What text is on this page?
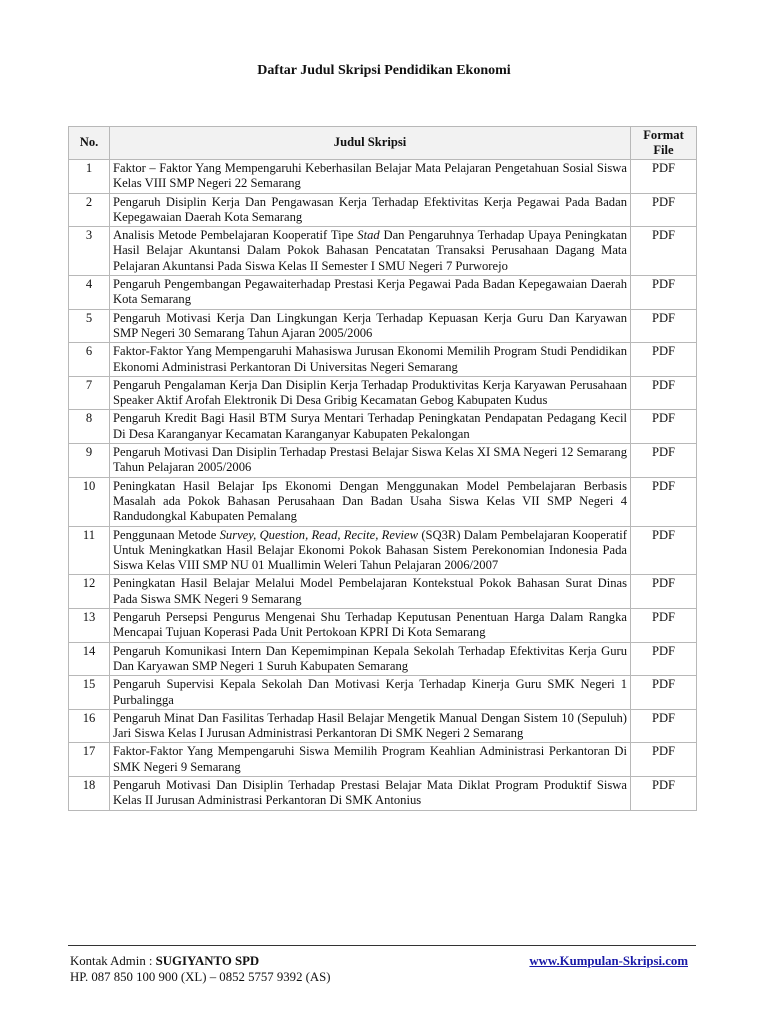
Daftar Judul Skripsi Pendidikan Ekonomi
No.	Judul Skripsi	Format File
1	Faktor – Faktor Yang Mempengaruhi Keberhasilan Belajar Mata Pelajaran Pengetahuan Sosial Siswa Kelas VIII SMP Negeri 22 Semarang	PDF
2	Pengaruh Disiplin Kerja Dan Pengawasan Kerja Terhadap Efektivitas Kerja Pegawai Pada Badan Kepegawaian Daerah Kota Semarang	PDF
3	Analisis Metode Pembelajaran Kooperatif Tipe Stad Dan Pengaruhnya Terhadap Upaya Peningkatan Hasil Belajar Akuntansi Dalam Pokok Bahasan Pencatatan Transaksi Perusahaan Dagang Mata Pelajaran Akuntansi Pada Siswa Kelas II Semester I SMU Negeri 7 Purworejo	PDF
4	Pengaruh Pengembangan Pegawaiterhadap Prestasi Kerja Pegawai Pada Badan Kepegawaian Daerah Kota Semarang	PDF
5	Pengaruh Motivasi Kerja Dan Lingkungan Kerja Terhadap Kepuasan Kerja Guru Dan Karyawan SMP Negeri 30 Semarang Tahun Ajaran 2005/2006	PDF
6	Faktor-Faktor Yang Mempengaruhi Mahasiswa Jurusan Ekonomi Memilih Program Studi Pendidikan Ekonomi Administrasi Perkantoran Di Universitas Negeri Semarang	PDF
7	Pengaruh Pengalaman Kerja Dan Disiplin Kerja Terhadap Produktivitas Kerja Karyawan Perusahaan Speaker Aktif Arofah Elektronik Di Desa Gribig Kecamatan Gebog Kabupaten Kudus	PDF
8	Pengaruh Kredit Bagi Hasil BTM Surya Mentari Terhadap Peningkatan Pendapatan Pedagang Kecil Di Desa Karanganyar Kecamatan Karanganyar Kabupaten Pekalongan	PDF
9	Pengaruh Motivasi Dan Disiplin Terhadap Prestasi Belajar Siswa Kelas XI SMA Negeri 12 Semarang Tahun Pelajaran 2005/2006	PDF
10	Peningkatan Hasil Belajar Ips Ekonomi Dengan Menggunakan Model Pembelajaran Berbasis Masalah ada Pokok Bahasan Perusahaan Dan Badan Usaha Siswa Kelas VII SMP Negeri 4 Randudongkal Kabupaten Pemalang	PDF
11	Penggunaan Metode Survey, Question, Read, Recite, Review (SQ3R) Dalam Pembelajaran Kooperatif Untuk Meningkatkan Hasil Belajar Ekonomi Pokok Bahasan Sistem Perekonomian Indonesia Pada Siswa Kelas VIII SMP NU 01 Muallimin Weleri Tahun Pelajaran 2006/2007	PDF
12	Peningkatan Hasil Belajar Melalui Model Pembelajaran Kontekstual Pokok Bahasan Surat Dinas Pada Siswa SMK Negeri 9 Semarang	PDF
13	Pengaruh Persepsi Pengurus Mengenai Shu Terhadap Keputusan Penentuan Harga Dalam Rangka Mencapai Tujuan Koperasi Pada Unit Pertokoan KPRI Di Kota Semarang	PDF
14	Pengaruh Komunikasi Intern Dan Kepemimpinan Kepala Sekolah Terhadap Efektivitas Kerja Guru Dan Karyawan SMP Negeri 1 Suruh Kabupaten Semarang	PDF
15	Pengaruh Supervisi Kepala Sekolah Dan Motivasi Kerja Terhadap Kinerja Guru SMK Negeri 1 Purbalingga	PDF
16	Pengaruh Minat Dan Fasilitas Terhadap Hasil Belajar Mengetik Manual Dengan Sistem 10 (Sepuluh) Jari Siswa Kelas I Jurusan Administrasi Perkantoran Di SMK Negeri 2 Semarang	PDF
17	Faktor-Faktor Yang Mempengaruhi Siswa Memilih Program Keahlian Administrasi Perkantoran Di SMK Negeri 9 Semarang	PDF
18	Pengaruh Motivasi Dan Disiplin Terhadap Prestasi Belajar Mata Diklat Program Produktif Siswa Kelas II Jurusan Administrasi Perkantoran Di SMK Antonius	PDF
Kontak Admin : SUGIYANTO SPD
HP. 087 850 100 900 (XL) – 0852 5757 9392 (AS)
www.Kumpulan-Skripsi.com
